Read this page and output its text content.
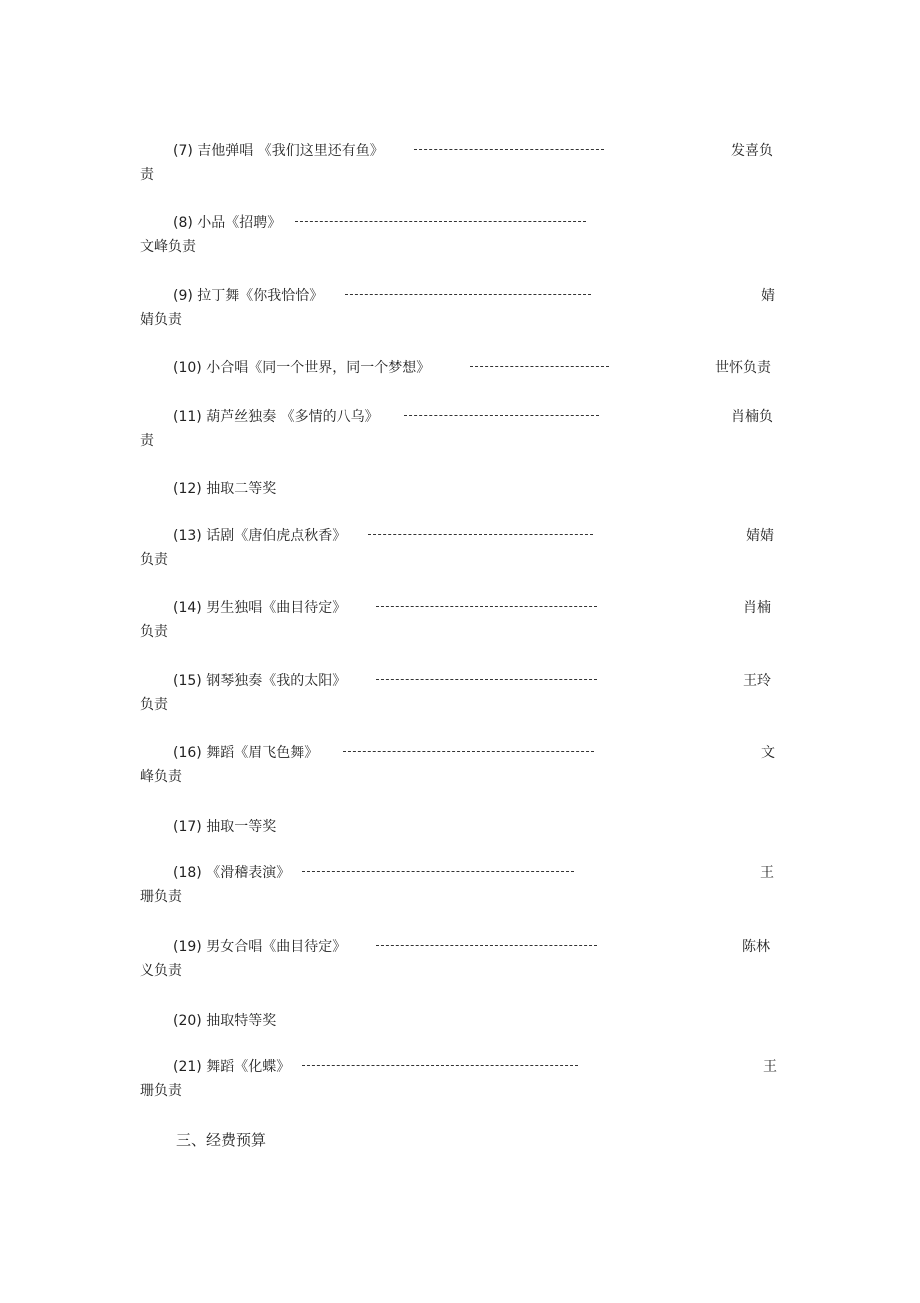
(7) 吉他弹唱 《我们这里还有鱼》	发喜负
责
(8) 小品《招聘》
文峰负责
(9) 拉丁舞《你我恰恰》	婧
婧负责
(10) 小合唱《同一个世界，同一个梦想》	世怀负责
(11) 葫芦丝独奏 《多情的八乌》	肖楠负
责
(12) 抽取二等奖
(13) 话剧《唐伯虎点秋香》	婧婧
负责
(14) 男生独唱《曲目待定》	肖楠
负责
(15) 钢琴独奏《我的太阳》	王玲
负责
(16) 舞蹈《眉飞色舞》	文
峰负责
(17) 抽取一等奖
(18) 《滑稽表演》	王
珊负责
(19) 男女合唱《曲目待定》	陈林
义负责
(20) 抽取特等奖
(21) 舞蹈《化蝶》	王
珊负责
三、经费预算
